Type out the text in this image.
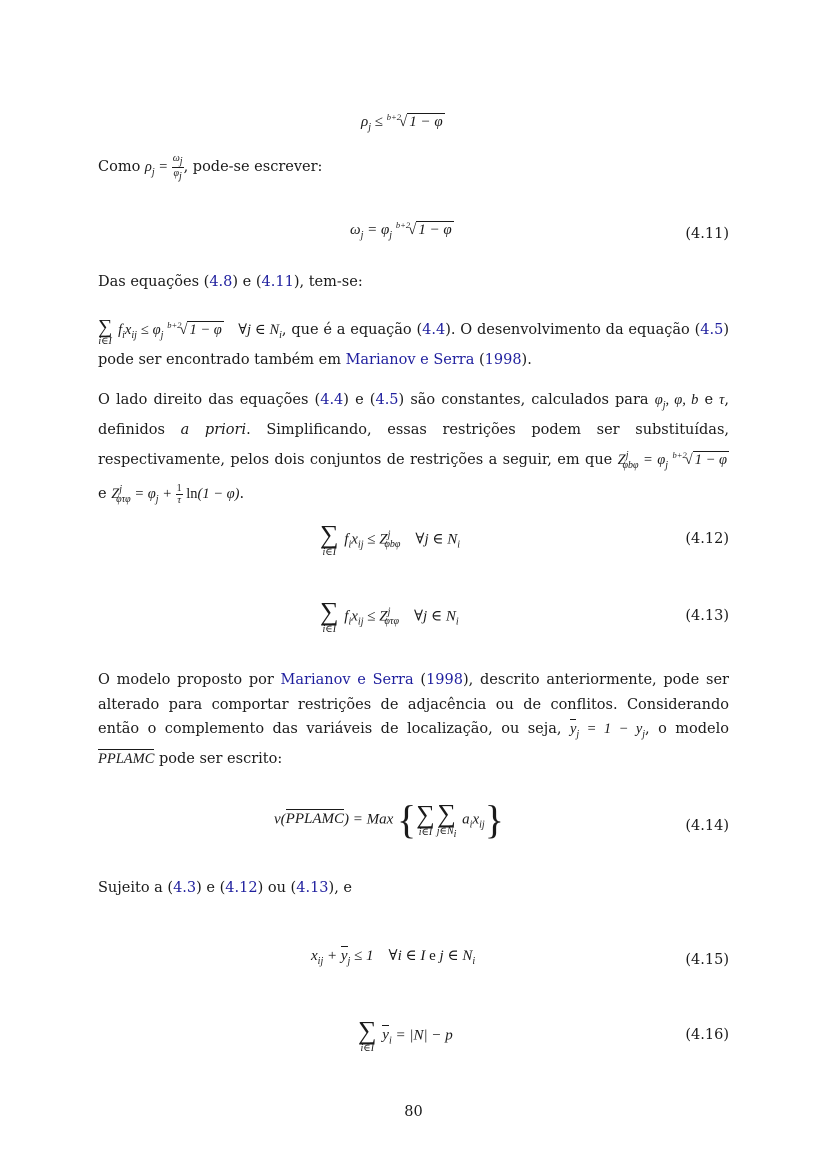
$\rho_j \le ^{b+2}√$ 1 − φ
Como $\rho_j = \frac{\omega_j}{\varphi_j}$ , pode-se escrever:
$\omega_j = \varphi_j$ $^{b+2}$√ 1 − φ	(4.11)
Das equações (4.8) e (4.11), tem-se:
∑
i∈I
$f_ix_{ij} \le \varphi_j$ $^{b+2}$√ 1 − φ ∀j ∈ $N_i$, que é a equação (4.4). O desenvolvimento da equação (4.5) pode ser encontrado também em Marianov e Serra (1998).
O lado direito das equações (4.4) e (4.5) são constantes, calculados para $\varphi_j$, φ, b e τ, definidos a priori. Simplificando, essas restrições podem ser substituídas, respectivamente, pelos dois conjuntos de restrições a seguir, em que $Z^j_{\varphi b\varphi} = \varphi_j$ $^{b+2}$√ 1 − φ e $Z^j_{\varphi\tau\varphi} = \varphi_j + \frac{1}{\tau} \ln(1 - \varphi)$.
∑
i∈I
$f_ix_{ij} \le Z^j_{\varphi b\varphi}$    ∀j ∈ $N_i$	(4.12)
∑
i∈I
$f_ix_{ij} \le Z^j_{\varphi\tau\varphi}$    ∀j ∈ $N_i$	(4.13)
O modelo proposto por Marianov e Serra (1998), descrito anteriormente, pode ser alterado para comportar restrições de adjacência ou de conflitos. Considerando então o complemento das variáveis de localização, ou seja, $y_j = 1 - y_j$, o modelo PPLAMC pode ser escrito:
v(PPLAMC) = Max { ∑
i∈I
∑
$j\in N_i$
$a_ix_{ij}$}	(4.14)
Sujeito a (4.3) e (4.12) ou (4.13), e
$x_{ij} + y_j \le 1$    ∀i ∈ I e j ∈ $N_i$	(4.15)
∑
i∈I
$y_i = |N| - p$	(4.16)
80
